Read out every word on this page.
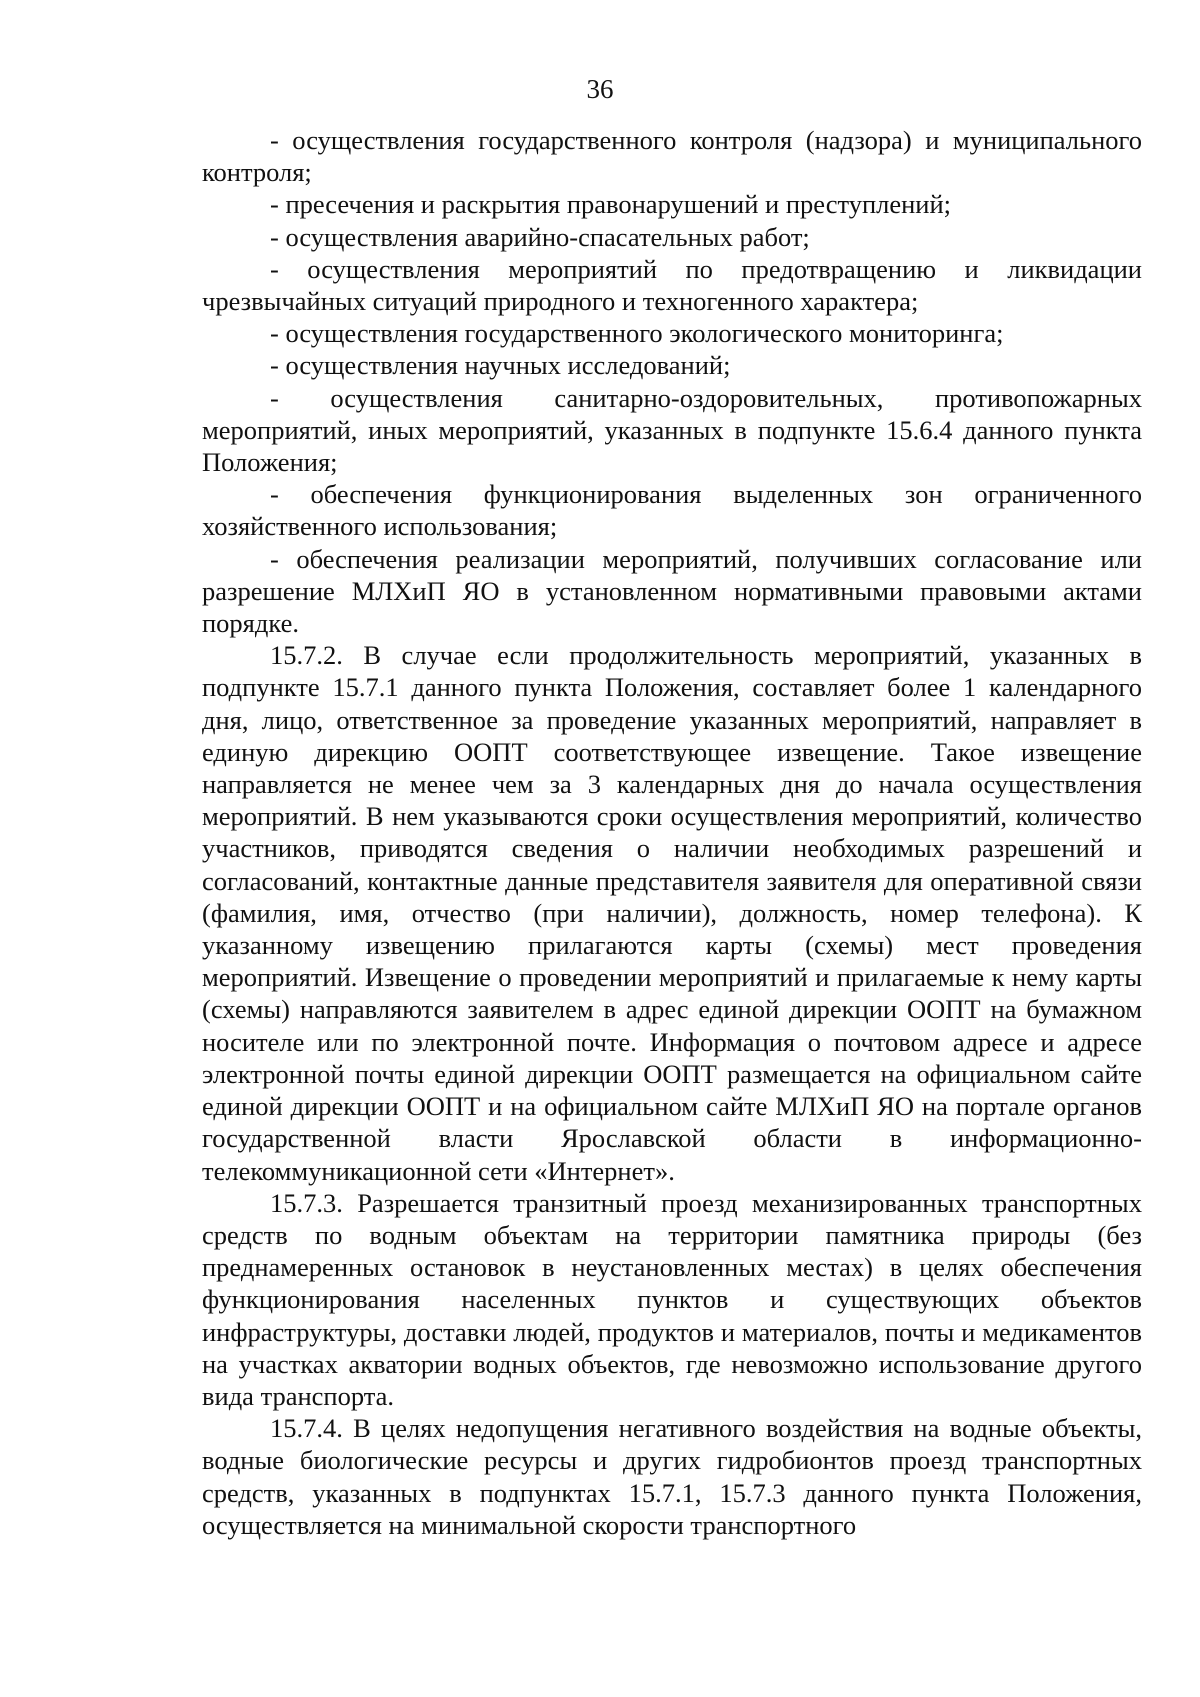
36

- осуществления государственного контроля (надзора) и муниципального контроля;

- пресечения и раскрытия правонарушений и преступлений;

- осуществления аварийно-спасательных работ;

- осуществления мероприятий по предотвращению и ликвидации чрезвычайных ситуаций природного и техногенного характера;

- осуществления государственного экологического мониторинга;

- осуществления научных исследований;

- осуществления санитарно-оздоровительных, противопожарных мероприятий, иных мероприятий, указанных в подпункте 15.6.4 данного пункта Положения;

- обеспечения функционирования выделенных зон ограниченного хозяйственного использования;

- обеспечения реализации мероприятий, получивших согласование или разрешение МЛХиП ЯО в установленном нормативными правовыми актами порядке.

15.7.2. В случае если продолжительность мероприятий, указанных в подпункте 15.7.1 данного пункта Положения, составляет более 1 календарного дня, лицо, ответственное за проведение указанных мероприятий, направляет в единую дирекцию ООПТ соответствующее извещение. Такое извещение направляется не менее чем за 3 календарных дня до начала осуществления мероприятий. В нем указываются сроки осуществления мероприятий, количество участников, приводятся сведения о наличии необходимых разрешений и согласований, контактные данные представителя заявителя для оперативной связи (фамилия, имя, отчество (при наличии), должность, номер телефона). К указанному извещению прилагаются карты (схемы) мест проведения мероприятий. Извещение о проведении мероприятий и прилагаемые к нему карты (схемы) направляются заявителем в адрес единой дирекции ООПТ на бумажном носителе или по электронной почте. Информация о почтовом адресе и адресе электронной почты единой дирекции ООПТ размещается на официальном сайте единой дирекции ООПТ и на официальном сайте МЛХиП ЯО на портале органов государственной власти Ярославской области в информационно-телекоммуникационной сети «Интернет».

15.7.3. Разрешается транзитный проезд механизированных транспортных средств по водным объектам на территории памятника природы (без преднамеренных остановок в неустановленных местах) в целях обеспечения функционирования населенных пунктов и существующих объектов инфраструктуры, доставки людей, продуктов и материалов, почты и медикаментов на участках акватории водных объектов, где невозможно использование другого вида транспорта.

15.7.4. В целях недопущения негативного воздействия на водные объекты, водные биологические ресурсы и других гидробионтов проезд транспортных средств, указанных в подпунктах 15.7.1, 15.7.3 данного пункта Положения, осуществляется на минимальной скорости транспортного
